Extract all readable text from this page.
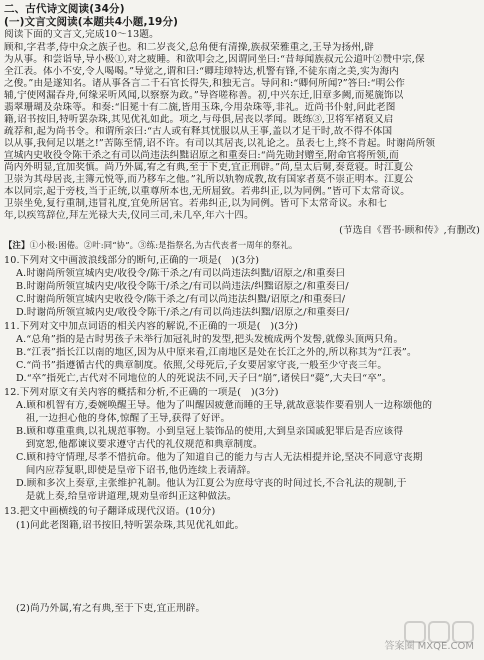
二、古代诗文阅读(34分)
(一)文言文阅读(本题共4小题,19分)
阅读下面的文言文,完成10～13题。
顾和,字君孝,侍中众之族子也。和二岁丧父,总角便有清操,族叔荣雅重之,王导为扬州,辟
为从事。和尝诣导,导小极①,对之疲睡。和欲叩会之,因谓同坐曰:“昔每闻族叔元公道叶②赞中宗,保
全江表。体小不安,令人喝喝。”导觉之,谓和曰:“卿珪璋特达,机警有锋,不徒东南之美,实为海内
之俊。”由是遂知名。诸从事各言二千石官长得失,和独无言。导问和:“卿何所闻?”答曰:“明公作
辅,宁使网漏吞舟,何缘采听风闻,以察察为政。”导咨嗟称善。初,中兴东迁,旧章多阙,而冕旒饰以
翡翠珊瑚及杂珠等。和奏:“旧冕十有二旒,皆用玉珠,今用杂珠等,非礼。近尚书仆射,问此老图
籍,诏书按旧,特听罢杂珠,其见优礼如此。项之,与母俱,居丧以孝闻。既练③,卫将军褚裒又启
疏荐和,起为尚书令。和谓所亲曰:“古人或有释其忧服以从王事,盖以才足干时,故不得不体国
以从事,我何足以堪之!”苦陈至情,诏不许。有司以其居丧,以礼论之。虽表七上,终不肯起。时谢尚所领
宣城内史收役令陈干杀之有司以尚违法纠黜诏原之和重奏曰:“尚先勋封赠至,附命官将所领,而
尚内外明显,宜加奖慎。尚乃外属,宥之有典,至于下吏,宜正刑辟。”尚,皇太后舅,奏竟寝。时江夏公
卫崇为其母居丧,主簿元悦等,而乃移车之他。”礼所以轨物成教,故有国家者莫不崇正明本。江夏公
本以同宗,起于旁枝,当于正统,以重尊所本也,无所屈致。若弗纠正,以为同例。”皆可下太常奇议。
卫崇坐免,复行重制,违冒礼度,宜免所居官。若弗纠正,以为同例。皆可下太常奇议。永和七
年,以疾笃辞位,拜左光禄大夫,仪同三司,未几卒,年六十四。
(节选自《晋书·顾和传》,有删改)
【注】①小极:困倦。②叶:同“协”。③练:是指祭名,为古代丧者一周年的祭礼。
10.下列对文中画波浪线部分的断句,正确的一项是(　)(3分)
A.时谢尚所领宣城内史/收役令/陈干杀之/有司以尚违法纠黜/诏原之/和重奏曰
B.时谢尚所领宣城内史/收役令陈干/杀之/有司以尚违法/纠黜诏原之/和重奏曰/
C.时谢尚所领宣城内史收役令/陈干杀之/有司以尚违法纠黜/诏原之/和重奏曰/
D.时谢尚所领宣城内史/收役令陈干/杀之/有司以尚违法纠黜/诏原之/和重奏曰/
11.下列对文中加点词语的相关内容的解说,不正确的一项是(　)(3分)
A.“总角”指的是古时男孩子未举行加冠礼时的发型,把头发梳成两个发髻,就像头顶两只角。
B.“江表”指长江以南的地区,因为从中原来看,江南地区是处在长江之外的,所以称其为“江表”。
C.“尚书”指遵循古代的典章制度。依照,父母死后,子女要居家守丧,一般至少守丧三年。
D.“卒”指死亡,古代对不同地位的人的死说法不同,天子曰“崩”,诸侯曰“薨”,大夫曰“卒”。
12.下列对原文有关内容的概括和分析,不正确的一项是(　)(3分)
A.顾和机智有方,委婉唤醒王导。他为了叫醒因疲惫而睡的王导,就故意装作要看别人一边称颂他的
　祖,一边担心他的身体,惊醒了王导,获得了好评。
B.顾和尊重重典,以礼规范事物。小到皇冠上装饰品的使用,大到皇亲国戚犯罪后是否应该得
　到宽恕,他都谏议要求遵守古代的礼仪规范和典章制度。
C.顾和持守情理,尽孝不惜抗命。他为了知道自己的能力与古人无法相提并论,坚决不同意守丧期
　间内应荐复职,即使是皇帝下诏书,他仍连续上表请辞。
D.顾和多次上奏章,主张维护礼制。他认为江夏公为庶母守丧的时间过长,不合礼法的规制,于
　是就上奏,给皇帝讲道理,规劝皇帝纠正这种做法。
13.把文中画横线的句子翻译成现代汉语。(10分)
(1)问此老图籍,诏书按旧,特听罢杂珠,其见优礼如此。
(2)尚乃外属,宥之有典,至于下吏,宜正刑辟。
答案圈 MXQE.COM
